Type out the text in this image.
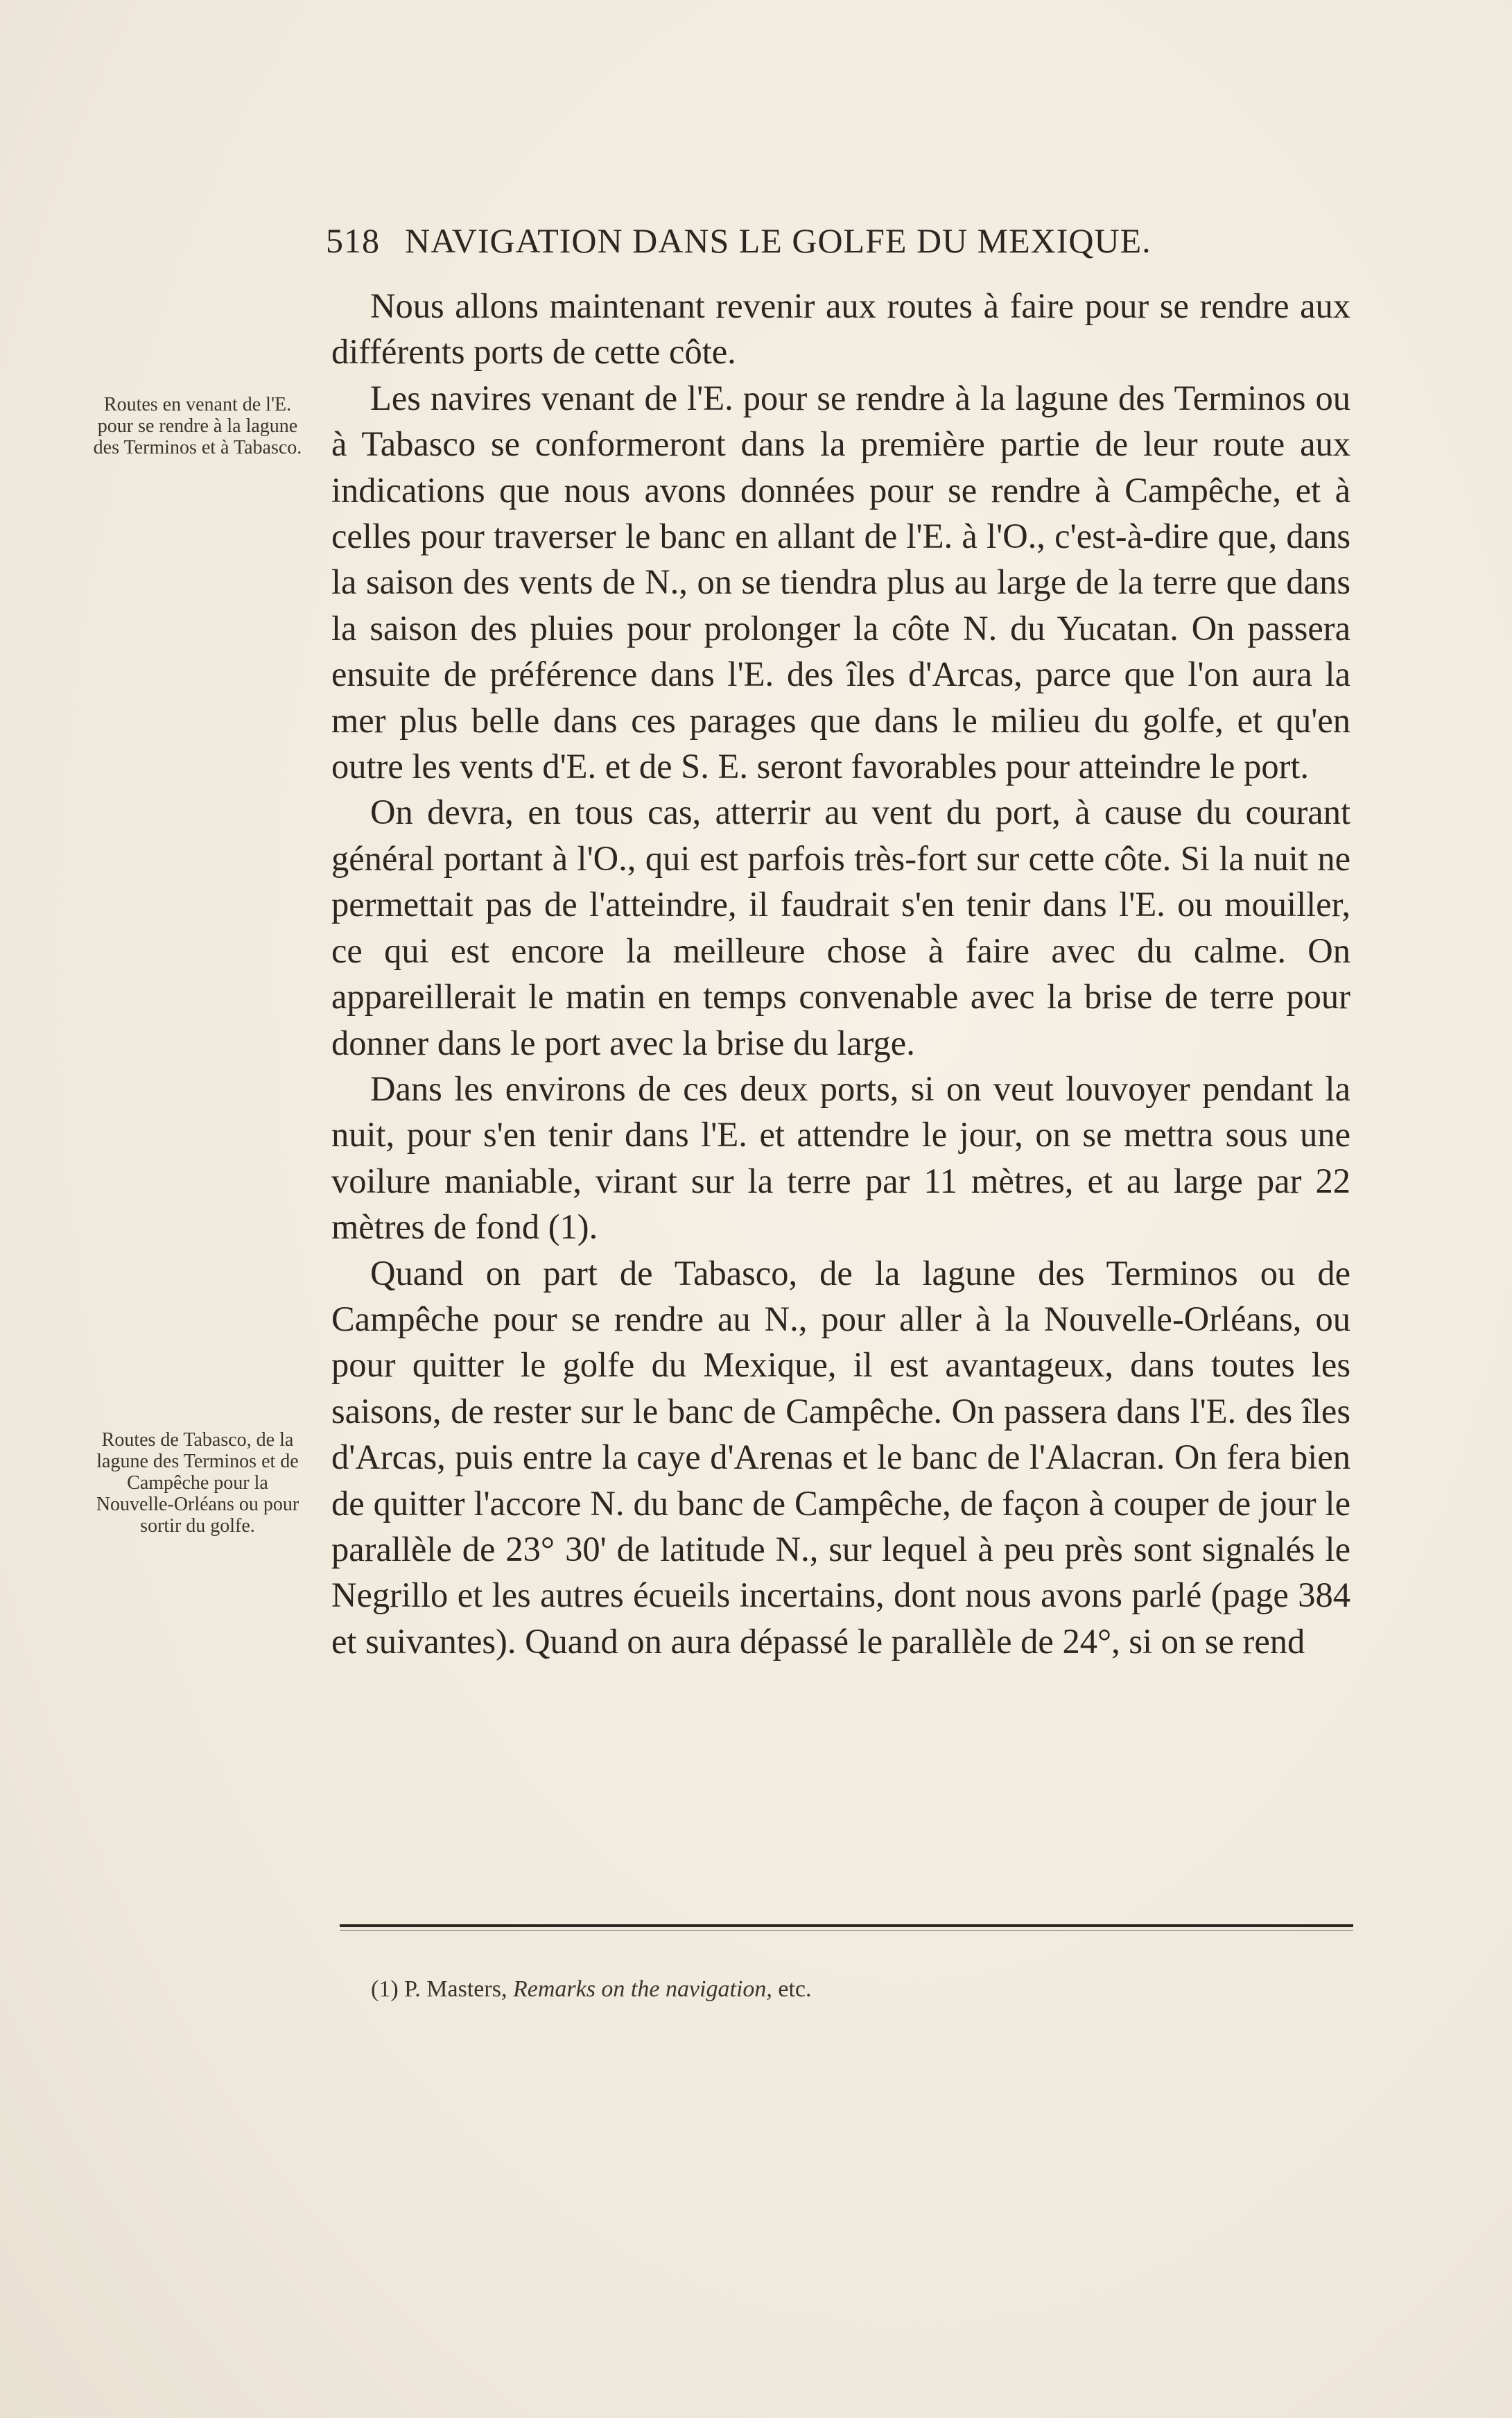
518 NAVIGATION DANS LE GOLFE DU MEXIQUE.
Routes en venant de l'E. pour se rendre à la lagune des Terminos et à Tabasco.
Routes de Tabasco, de la lagune des Terminos et de Campêche pour la Nouvelle-Orléans ou pour sortir du golfe.

Nous allons maintenant revenir aux routes à faire pour se rendre aux différents ports de cette côte.

Les navires venant de l'E. pour se rendre à la lagune des Terminos ou à Tabasco se conformeront dans la première partie de leur route aux indications que nous avons données pour se rendre à Campêche, et à celles pour traverser le banc en allant de l'E. à l'O., c'est-à-dire que, dans la saison des vents de N., on se tiendra plus au large de la terre que dans la saison des pluies pour prolonger la côte N. du Yucatan. On passera ensuite de préférence dans l'E. des îles d'Arcas, parce que l'on aura la mer plus belle dans ces parages que dans le milieu du golfe, et qu'en outre les vents d'E. et de S. E. seront favorables pour atteindre le port.

On devra, en tous cas, atterrir au vent du port, à cause du courant général portant à l'O., qui est parfois très-fort sur cette côte. Si la nuit ne permettait pas de l'atteindre, il faudrait s'en tenir dans l'E. ou mouiller, ce qui est encore la meilleure chose à faire avec du calme. On appareillerait le matin en temps convenable avec la brise de terre pour donner dans le port avec la brise du large.

Dans les environs de ces deux ports, si on veut louvoyer pendant la nuit, pour s'en tenir dans l'E. et attendre le jour, on se mettra sous une voilure maniable, virant sur la terre par 11 mètres, et au large par 22 mètres de fond (1).

Quand on part de Tabasco, de la lagune des Terminos ou de Campêche pour se rendre au N., pour aller à la Nouvelle-Orléans, ou pour quitter le golfe du Mexique, il est avantageux, dans toutes les saisons, de rester sur le banc de Campêche. On passera dans l'E. des îles d'Arcas, puis entre la caye d'Arenas et le banc de l'Alacran. On fera bien de quitter l'accore N. du banc de Campêche, de façon à couper de jour le parallèle de 23° 30' de latitude N., sur lequel à peu près sont signalés le Negrillo et les autres écueils incertains, dont nous avons parlé (page 384 et suivantes). Quand on aura dépassé le parallèle de 24°, si on se rend

(1) P. Masters, Remarks on the navigation, etc.
